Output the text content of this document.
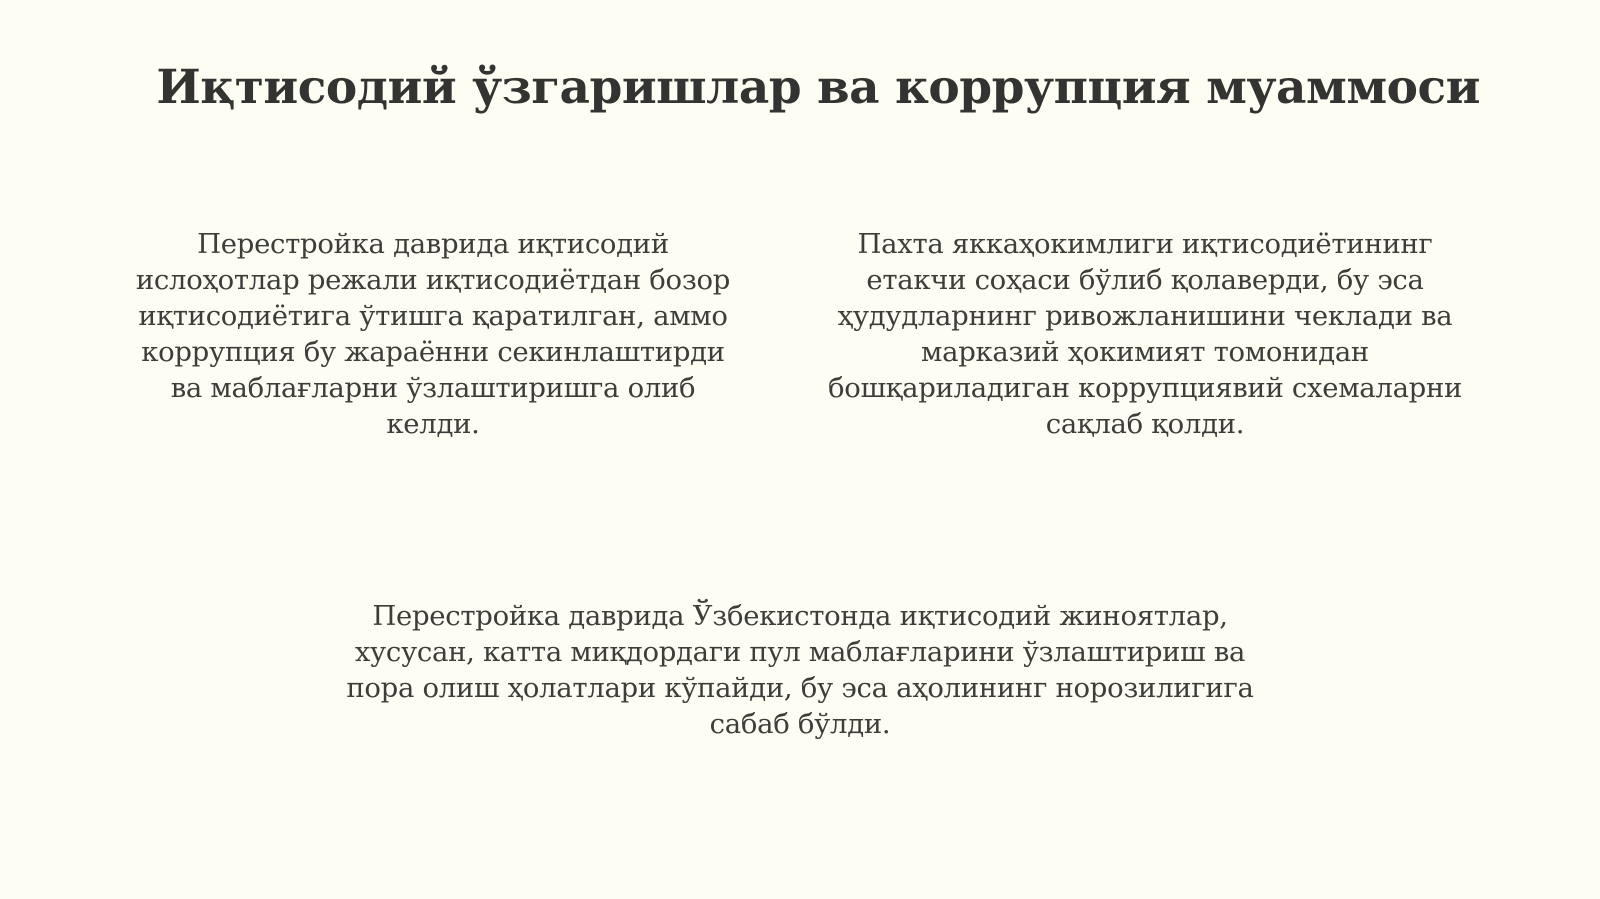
Иқтисодий ўзгаришлар ва коррупция муаммоси

Перестройка даврида иқтисодий
ислоҳотлар режали иқтисодиётдан бозор
иқтисодиётига ўтишга қаратилган, аммо
коррупция бу жараённи секинлаштирди
ва маблағларни ўзлаштиришга олиб
келди.

Пахта яккаҳокимлиги иқтисодиётининг
етакчи соҳаси бўлиб қолаверди, бу эса
ҳудудларнинг ривожланишини чеклади ва
марказий ҳокимият томонидан
бошқариладиган коррупциявий схемаларни
сақлаб қолди.

Перестройка даврида Ўзбекистонда иқтисодий жиноятлар,
хусусан, катта миқдордаги пул маблағларини ўзлаштириш ва
пора олиш ҳолатлари кўпайди, бу эса аҳолининг норозилигига
сабаб бўлди.
